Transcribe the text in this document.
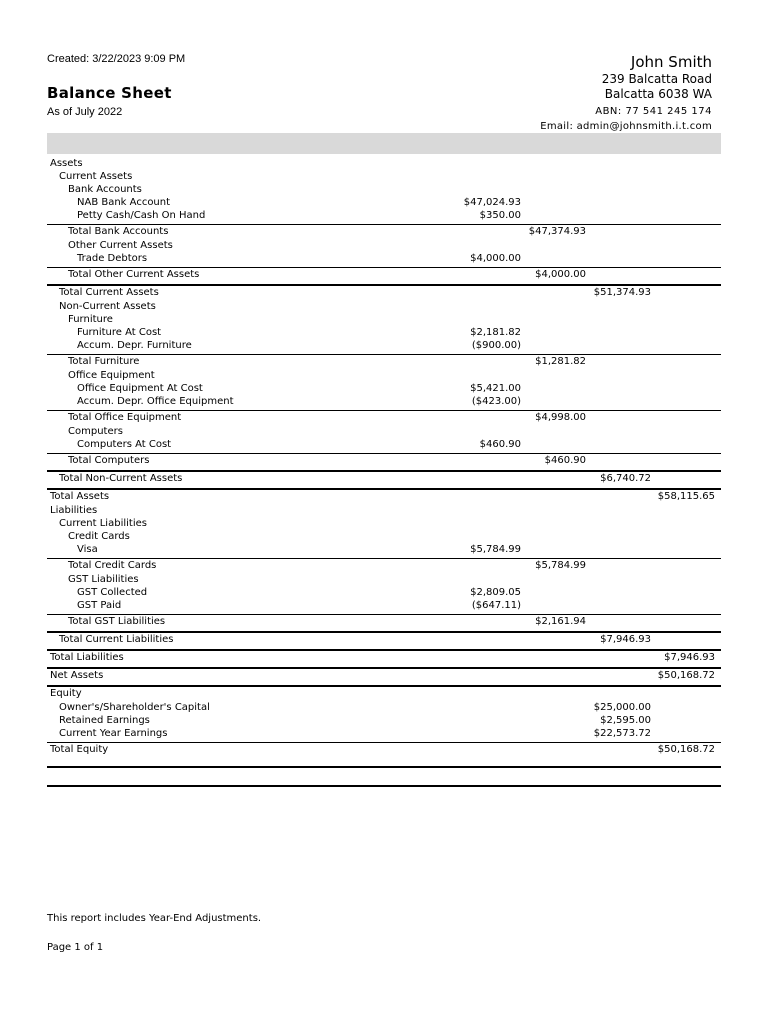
Created: 3/22/2023 9:09 PM
Balance Sheet
As of July 2022
John Smith
239 Balcatta Road
Balcatta 6038 WA
ABN: 77 541 245 174
Email: admin@johnsmith.i.t.com
Assets
Current Assets
Bank Accounts
NAB Bank Account	$47,024.93
Petty Cash/Cash On Hand	$350.00
Total Bank Accounts	$47,374.93
Other Current Assets
Trade Debtors	$4,000.00
Total Other Current Assets	$4,000.00
Total Current Assets	$51,374.93
Non-Current Assets
Furniture
Furniture At Cost	$2,181.82
Accum. Depr. Furniture	($900.00)
Total Furniture	$1,281.82
Office Equipment
Office Equipment At Cost	$5,421.00
Accum. Depr. Office Equipment	($423.00)
Total Office Equipment	$4,998.00
Computers
Computers At Cost	$460.90
Total Computers	$460.90
Total Non-Current Assets	$6,740.72
Total Assets	$58,115.65
Liabilities
Current Liabilities
Credit Cards
Visa	$5,784.99
Total Credit Cards	$5,784.99
GST Liabilities
GST Collected	$2,809.05
GST Paid	($647.11)
Total GST Liabilities	$2,161.94
Total Current Liabilities	$7,946.93
Total Liabilities	$7,946.93
Net Assets	$50,168.72
Equity
Owner's/Shareholder's Capital	$25,000.00
Retained Earnings	$2,595.00
Current Year Earnings	$22,573.72
Total Equity	$50,168.72
This report includes Year-End Adjustments.
Page 1 of 1
